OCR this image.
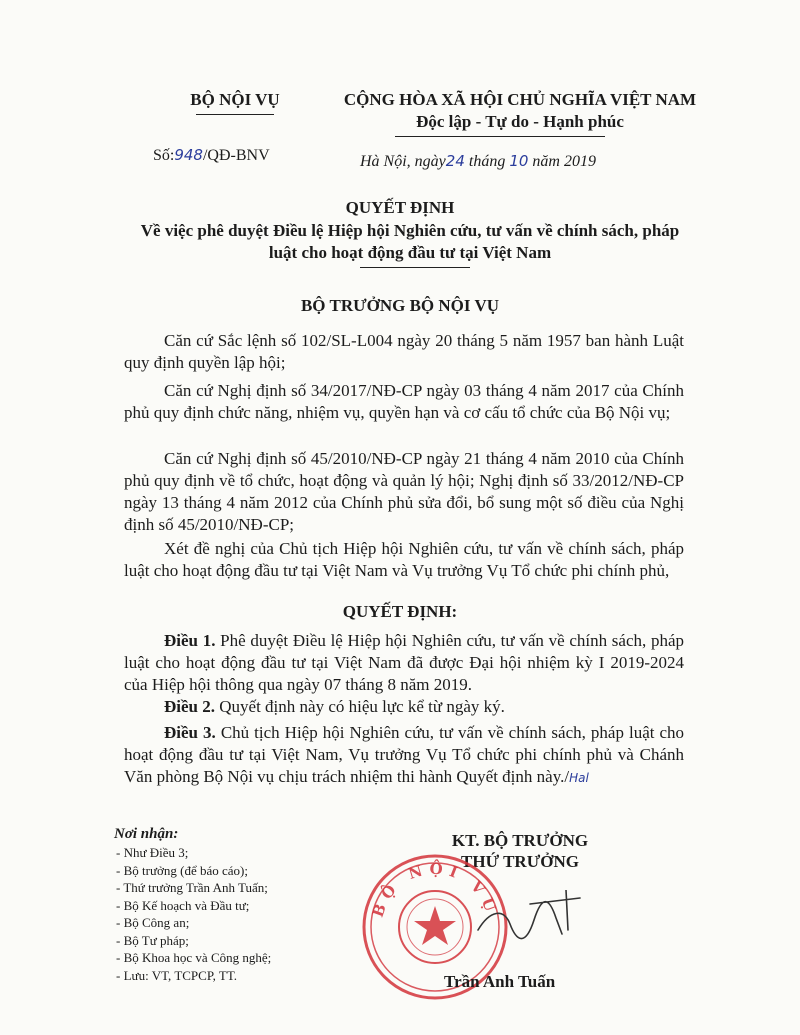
BỘ NỘI VỤ	CỘNG HÒA XÃ HỘI CHỦ NGHĨA VIỆT NAM
Độc lập - Tự do - Hạnh phúc
Số:948/QĐ-BNV	Hà Nội, ngày24 tháng 10 năm 2019
QUYẾT ĐỊNH
Về việc phê duyệt Điều lệ Hiệp hội Nghiên cứu, tư vấn về chính sách, pháp luật cho hoạt động đầu tư tại Việt Nam
BỘ TRƯỞNG BỘ NỘI VỤ

Căn cứ Sắc lệnh số 102/SL-L004 ngày 20 tháng 5 năm 1957 ban hành Luật quy định quyền lập hội;

Căn cứ Nghị định số 34/2017/NĐ-CP ngày 03 tháng 4 năm 2017 của Chính phủ quy định chức năng, nhiệm vụ, quyền hạn và cơ cấu tổ chức của Bộ Nội vụ;

Căn cứ Nghị định số 45/2010/NĐ-CP ngày 21 tháng 4 năm 2010 của Chính phủ quy định về tổ chức, hoạt động và quản lý hội; Nghị định số 33/2012/NĐ-CP ngày 13 tháng 4 năm 2012 của Chính phủ sửa đổi, bổ sung một số điều của Nghị định số 45/2010/NĐ-CP;

Xét đề nghị của Chủ tịch Hiệp hội Nghiên cứu, tư vấn về chính sách, pháp luật cho hoạt động đầu tư tại Việt Nam và Vụ trưởng Vụ Tổ chức phi chính phủ,

QUYẾT ĐỊNH:

Điều 1. Phê duyệt Điều lệ Hiệp hội Nghiên cứu, tư vấn về chính sách, pháp luật cho hoạt động đầu tư tại Việt Nam đã được Đại hội nhiệm kỳ I 2019-2024 của Hiệp hội thông qua ngày 07 tháng 8 năm 2019.

Điều 2. Quyết định này có hiệu lực kể từ ngày ký.

Điều 3. Chủ tịch Hiệp hội Nghiên cứu, tư vấn về chính sách, pháp luật cho hoạt động đầu tư tại Việt Nam, Vụ trưởng Vụ Tổ chức phi chính phủ và Chánh Văn phòng Bộ Nội vụ chịu trách nhiệm thi hành Quyết định này./Hal

Nơi nhận:
- Như Điều 3;
- Bộ trưởng (để báo cáo);
- Thứ trưởng Trần Anh Tuấn;
- Bộ Kế hoạch và Đầu tư;
- Bộ Công an;
- Bộ Tư pháp;
- Bộ Khoa học và Công nghệ;
- Lưu: VT, TCPCP, TT.
KT. BỘ TRƯỞNG
THỨ TRƯỞNG
BỘ NỘI VỤ
Trần Anh Tuấn
